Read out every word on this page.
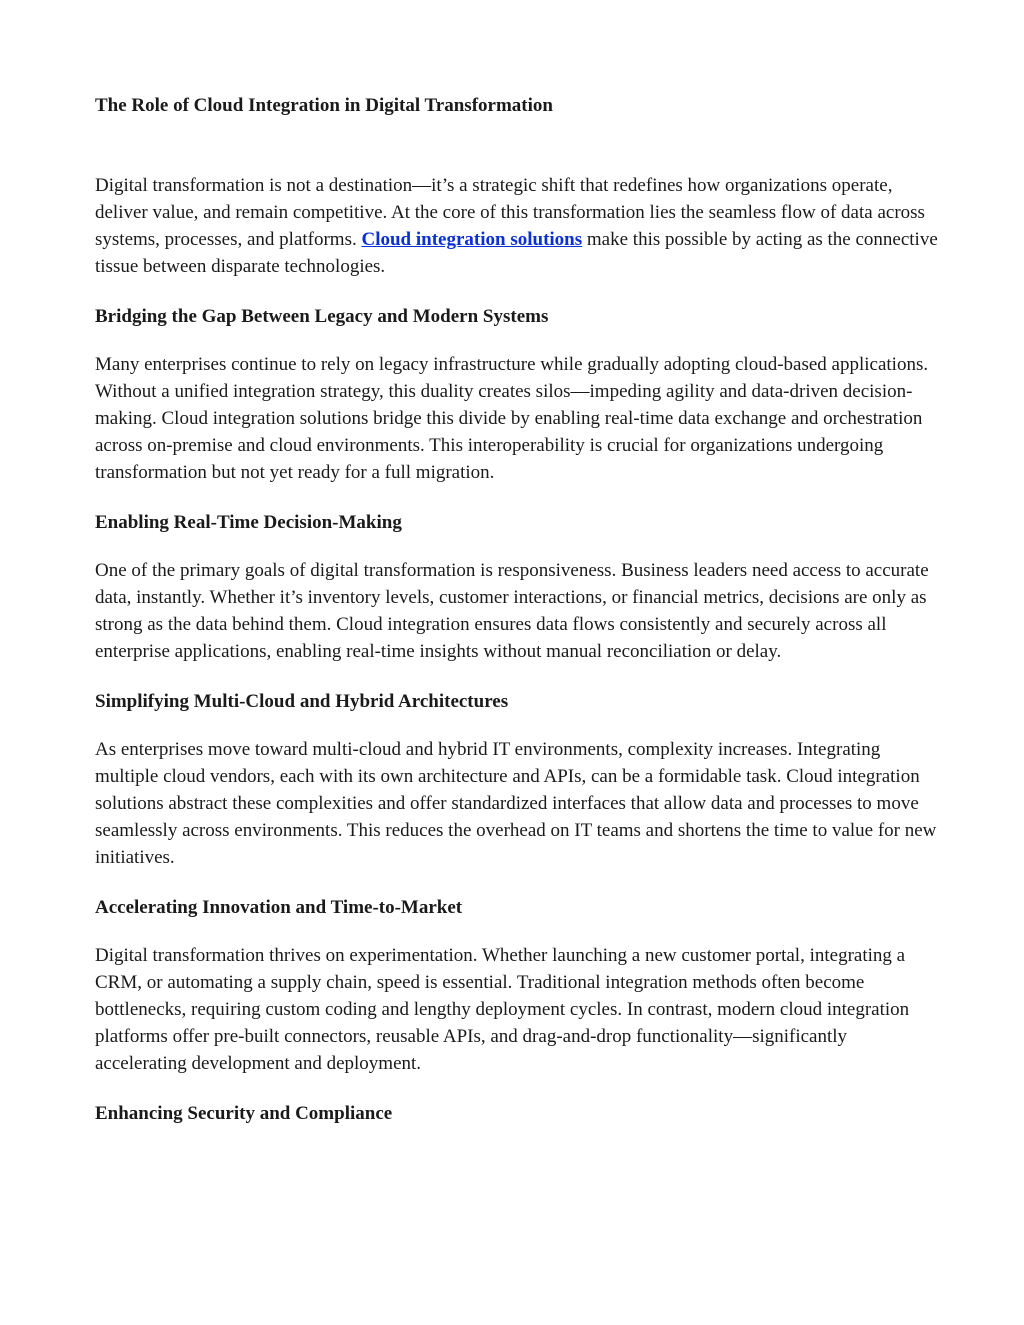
The Role of Cloud Integration in Digital Transformation

Digital transformation is not a destination—it’s a strategic shift that redefines how organizations operate, deliver value, and remain competitive. At the core of this transformation lies the seamless flow of data across systems, processes, and platforms. Cloud integration solutions make this possible by acting as the connective tissue between disparate technologies.

Bridging the Gap Between Legacy and Modern Systems

Many enterprises continue to rely on legacy infrastructure while gradually adopting cloud-based applications. Without a unified integration strategy, this duality creates silos—impeding agility and data-driven decision-making. Cloud integration solutions bridge this divide by enabling real-time data exchange and orchestration across on-premise and cloud environments. This interoperability is crucial for organizations undergoing transformation but not yet ready for a full migration.

Enabling Real-Time Decision-Making

One of the primary goals of digital transformation is responsiveness. Business leaders need access to accurate data, instantly. Whether it’s inventory levels, customer interactions, or financial metrics, decisions are only as strong as the data behind them. Cloud integration ensures data flows consistently and securely across all enterprise applications, enabling real-time insights without manual reconciliation or delay.

Simplifying Multi-Cloud and Hybrid Architectures

As enterprises move toward multi-cloud and hybrid IT environments, complexity increases. Integrating multiple cloud vendors, each with its own architecture and APIs, can be a formidable task. Cloud integration solutions abstract these complexities and offer standardized interfaces that allow data and processes to move seamlessly across environments. This reduces the overhead on IT teams and shortens the time to value for new initiatives.

Accelerating Innovation and Time-to-Market

Digital transformation thrives on experimentation. Whether launching a new customer portal, integrating a CRM, or automating a supply chain, speed is essential. Traditional integration methods often become bottlenecks, requiring custom coding and lengthy deployment cycles. In contrast, modern cloud integration platforms offer pre-built connectors, reusable APIs, and drag-and-drop functionality—significantly accelerating development and deployment.

Enhancing Security and Compliance
